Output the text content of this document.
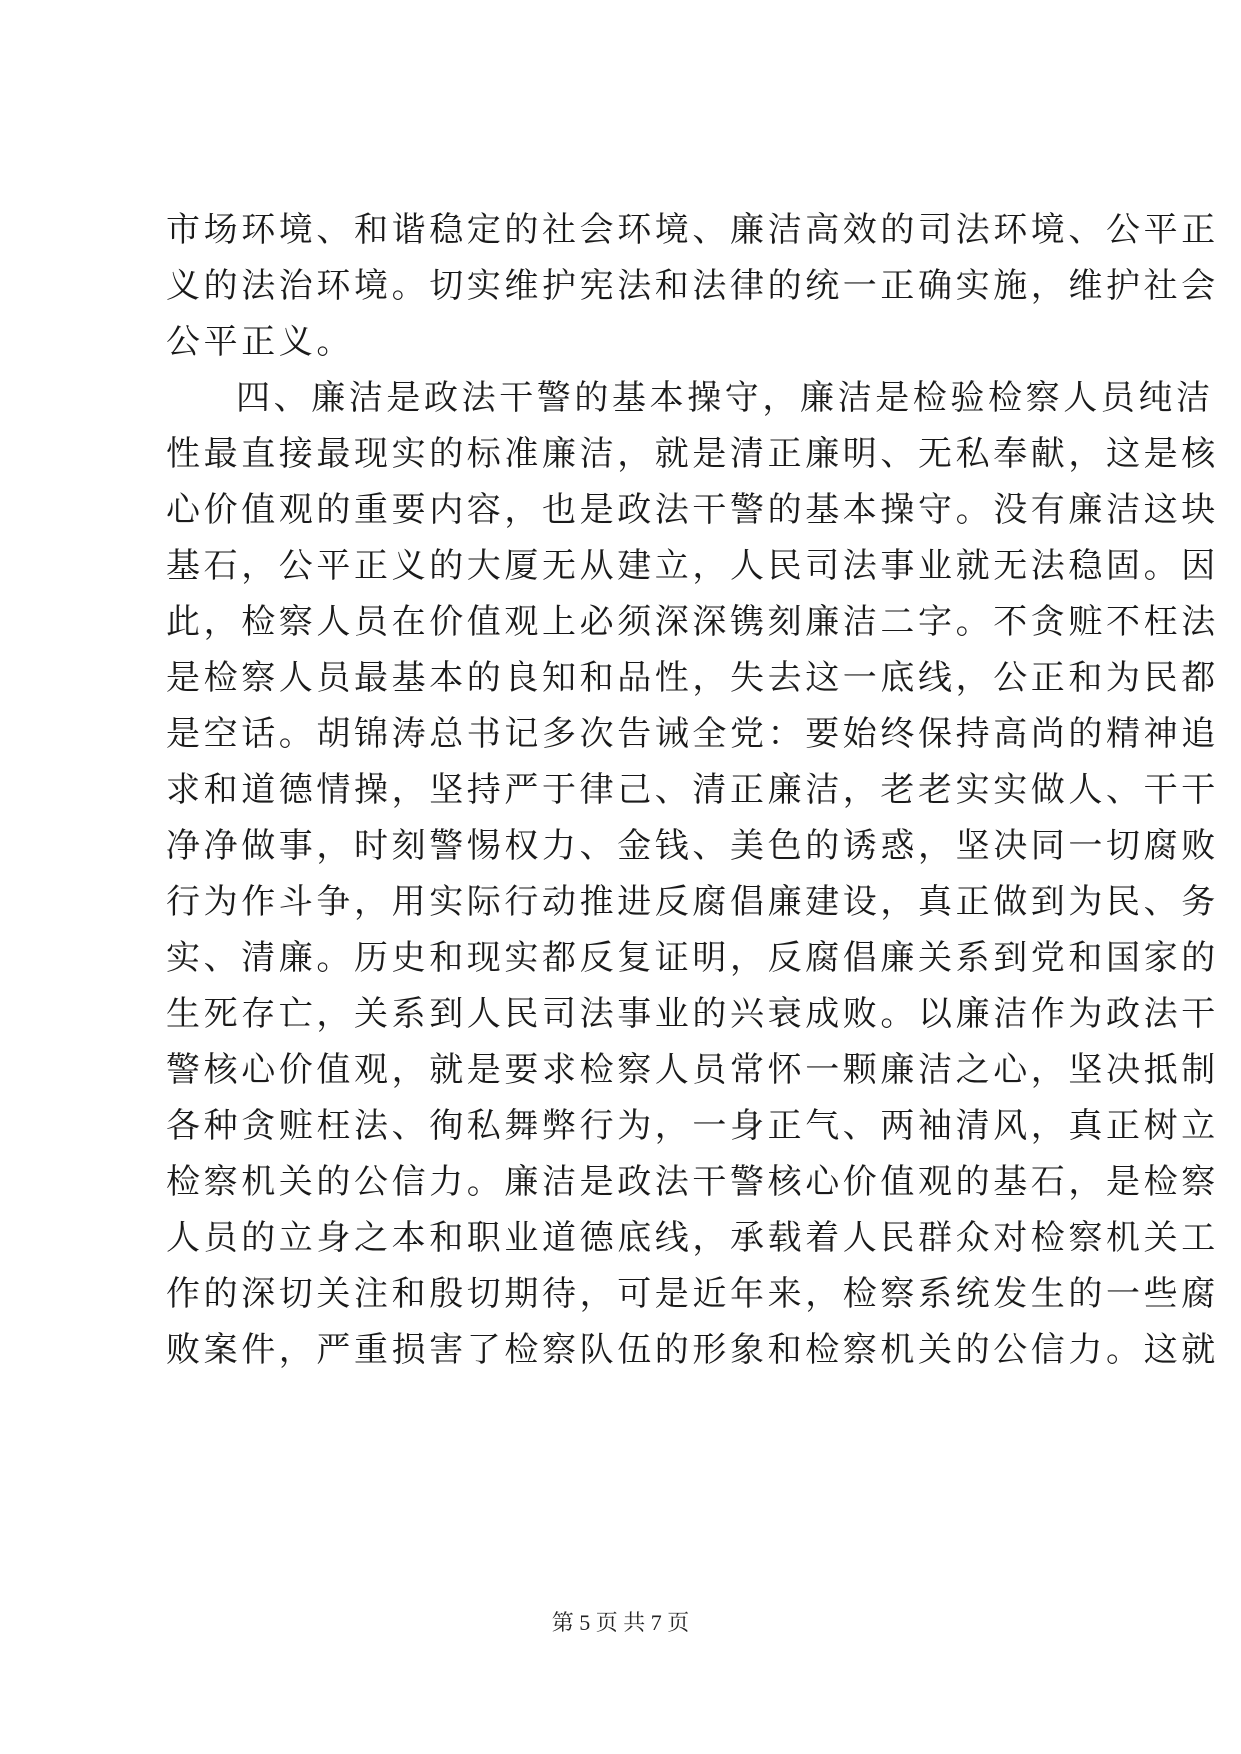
市场环境、和谐稳定的社会环境、廉洁高效的司法环境、公平正
义的法治环境。切实维护宪法和法律的统一正确实施，维护社会
公平正义。
四、廉洁是政法干警的基本操守，廉洁是检验检察人员纯洁
性最直接最现实的标准廉洁，就是清正廉明、无私奉献，这是核
心价值观的重要内容，也是政法干警的基本操守。没有廉洁这块
基石，公平正义的大厦无从建立，人民司法事业就无法稳固。因
此，检察人员在价值观上必须深深镌刻廉洁二字。不贪赃不枉法
是检察人员最基本的良知和品性，失去这一底线，公正和为民都
是空话。胡锦涛总书记多次告诫全党：要始终保持高尚的精神追
求和道德情操，坚持严于律己、清正廉洁，老老实实做人、干干
净净做事，时刻警惕权力、金钱、美色的诱惑，坚决同一切腐败
行为作斗争，用实际行动推进反腐倡廉建设，真正做到为民、务
实、清廉。历史和现实都反复证明，反腐倡廉关系到党和国家的
生死存亡，关系到人民司法事业的兴衰成败。以廉洁作为政法干
警核心价值观，就是要求检察人员常怀一颗廉洁之心，坚决抵制
各种贪赃枉法、徇私舞弊行为，一身正气、两袖清风，真正树立
检察机关的公信力。廉洁是政法干警核心价值观的基石，是检察
人员的立身之本和职业道德底线，承载着人民群众对检察机关工
作的深切关注和殷切期待，可是近年来，检察系统发生的一些腐
败案件，严重损害了检察队伍的形象和检察机关的公信力。这就
第 5 页 共 7 页
